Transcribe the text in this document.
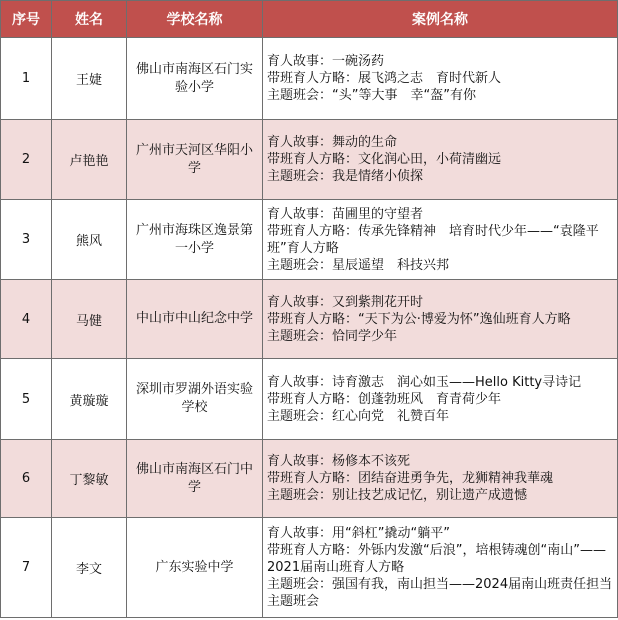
序号	姓名	学校名称	案例名称
1	王婕	佛山市南海区石门实验小学	育人故事：一碗汤药
带班育人方略：展飞鸿之志　育时代新人
主题班会：“头”等大事　幸“盔”有你

2	卢艳艳	广州市天河区华阳小学	育人故事：舞动的生命
带班育人方略：文化润心田，小荷清幽远
主题班会：我是情绪小侦探

3	熊风	广州市海珠区逸景第一小学	育人故事：苗圃里的守望者
带班育人方略：传承先锋精神　培育时代少年——“袁隆平班”育人方略
主题班会：星辰遥望　科技兴邦

4	马健	中山市中山纪念中学	育人故事：又到紫荆花开时
带班育人方略：“天下为公·博爱为怀”逸仙班育人方略
主题班会：恰同学少年

5	黄璇璇	深圳市罗湖外语实验学校	育人故事：诗育激志　润心如玉——Hello Kitty寻诗记
带班育人方略：创蓬勃班风　育青荷少年
主题班会：红心向党　礼赞百年

6	丁黎敏	佛山市南海区石门中学	育人故事：杨修本不该死
带班育人方略：团结奋进勇争先，龙狮精神我華魂
主题班会：别让技艺成记忆，别让遗产成遗憾

7	李文	广东实验中学	育人故事：用“斜杠”撬动“躺平”
带班育人方略：外铄内发激“后浪”，培根铸魂创“南山”——2021届南山班育人方略
主题班会：强国有我，南山担当——2024届南山班责任担当主题班会
